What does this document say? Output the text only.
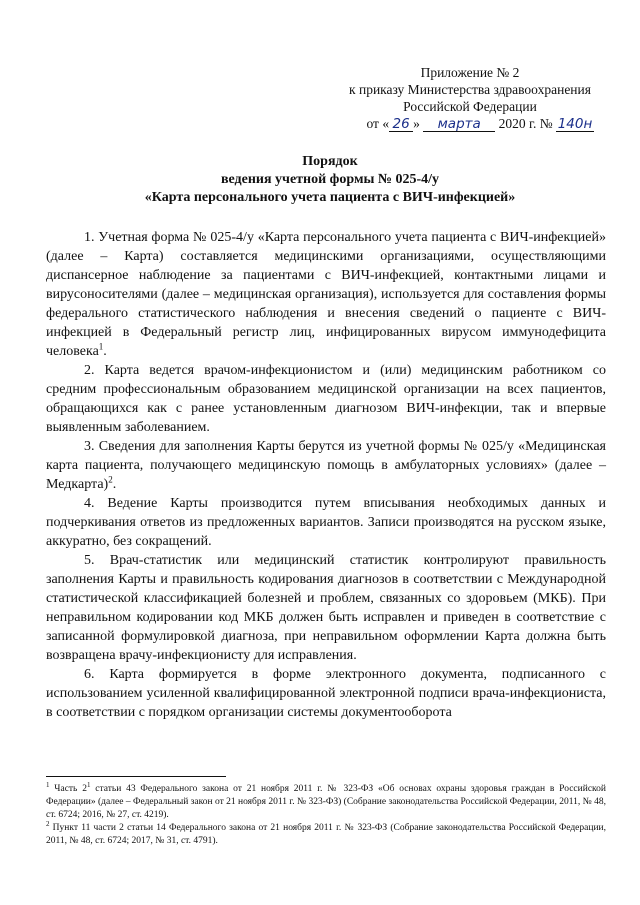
Приложение № 2
к приказу Министерства здравоохранения
Российской Федерации
от « 26 » марта 2020 г. № 140н
Порядок
ведения учетной формы № 025-4/у
«Карта персонального учета пациента с ВИЧ-инфекцией»

1. Учетная форма № 025-4/у «Карта персонального учета пациента с ВИЧ-инфекцией» (далее – Карта) составляется медицинскими организациями, осуществляющими диспансерное наблюдение за пациентами с ВИЧ-инфекцией, контактными лицами и вирусоносителями (далее – медицинская организация), используется для составления формы федерального статистического наблюдения и внесения сведений о пациенте с ВИЧ-инфекцией в Федеральный регистр лиц, инфицированных вирусом иммунодефицита человека$^1$.

2. Карта ведется врачом-инфекционистом и (или) медицинским работником со средним профессиональным образованием медицинской организации на всех пациентов, обращающихся как с ранее установленным диагнозом ВИЧ-инфекции, так и впервые выявленным заболеванием.

3. Сведения для заполнения Карты берутся из учетной формы № 025/у «Медицинская карта пациента, получающего медицинскую помощь в амбулаторных условиях» (далее – Медкарта)$^2$.

4. Ведение Карты производится путем вписывания необходимых данных и подчеркивания ответов из предложенных вариантов. Записи производятся на русском языке, аккуратно, без сокращений.

5. Врач-статистик или медицинский статистик контролируют правильность заполнения Карты и правильность кодирования диагнозов в соответствии с Международной статистической классификацией болезней и проблем, связанных со здоровьем (МКБ). При неправильном кодировании код МКБ должен быть исправлен и приведен в соответствие с записанной формулировкой диагноза, при неправильном оформлении Карта должна быть возвращена врачу-инфекционисту для исправления.

6. Карта формируется в форме электронного документа, подписанного с использованием усиленной квалифицированной электронной подписи врача-инфекциониста, в соответствии с порядком организации системы документооборота

$^1$ Часть $2^1$ статьи 43 Федерального закона от 21 ноября 2011 г. № 323-ФЗ «Об основах охраны здоровья граждан в Российской Федерации» (далее – Федеральный закон от 21 ноября 2011 г. № 323-ФЗ) (Собрание законодательства Российской Федерации, 2011, № 48, ст. 6724; 2016, № 27, ст. 4219).

$^2$ Пункт 11 части 2 статьи 14 Федерального закона от 21 ноября 2011 г. № 323-ФЗ (Собрание законодательства Российской Федерации, 2011, № 48, ст. 6724; 2017, № 31, ст. 4791).
